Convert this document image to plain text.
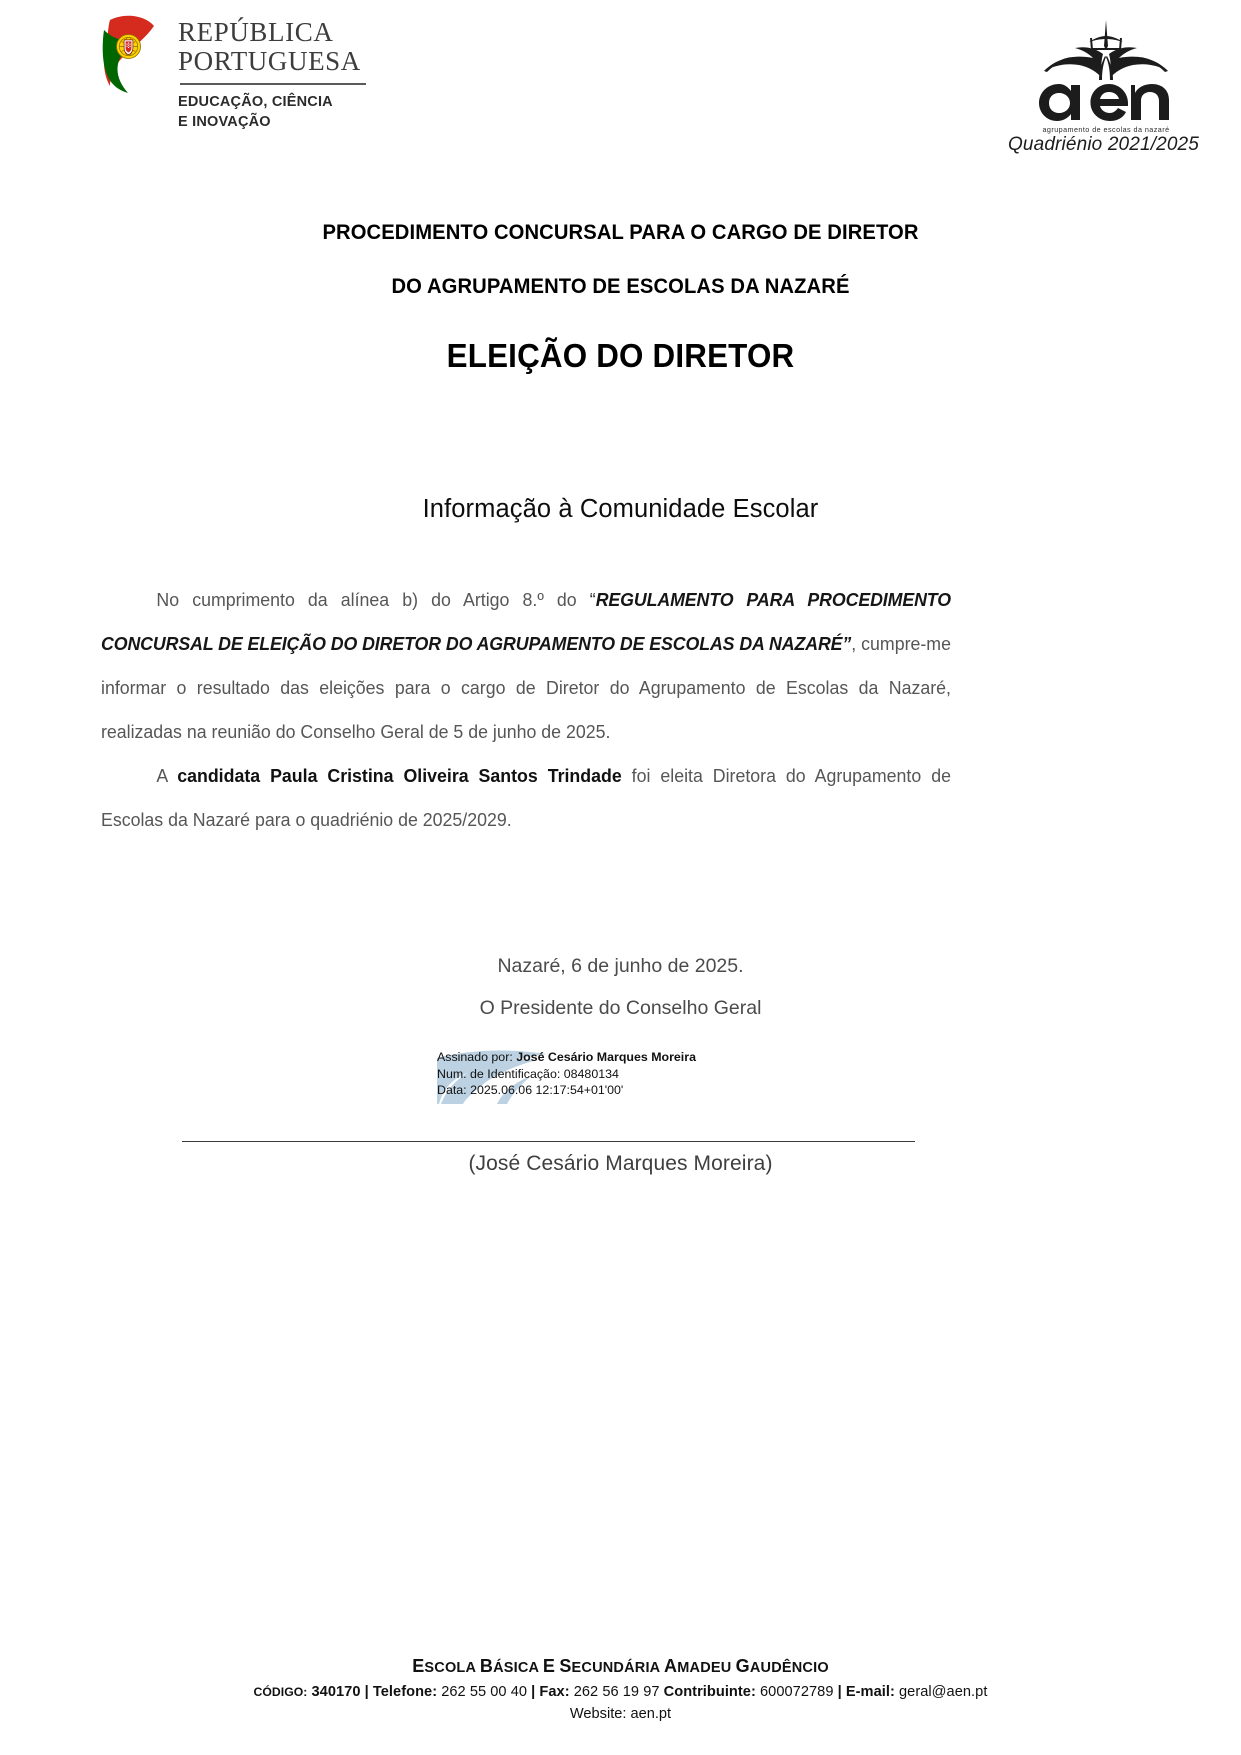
REPÚBLICA
PORTUGUESA
EDUCAÇÃO, CIÊNCIA
E INOVAÇÃO	agrupamento de escolas da nazaré
Quadriénio 2021/2025
PROCEDIMENTO CONCURSAL PARA O CARGO DE DIRETOR
DO AGRUPAMENTO DE ESCOLAS DA NAZARÉ
ELEIÇÃO DO DIRETOR
Informação à Comunidade Escolar

No cumprimento da alínea b) do Artigo 8.º do “REGULAMENTO PARA PROCEDIMENTO CONCURSAL DE ELEIÇÃO DO DIRETOR DO AGRUPAMENTO DE ESCOLAS DA NAZARÉ”, cumpre-me informar o resultado das eleições para o cargo de Diretor do Agrupamento de Escolas da Nazaré, realizadas na reunião do Conselho Geral de 5 de junho de 2025.

A candidata Paula Cristina Oliveira Santos Trindade foi eleita Diretora do Agrupamento de Escolas da Nazaré para o quadriénio de 2025/2029.

Nazaré, 6 de junho de 2025.
O Presidente do Conselho Geral
Assinado por: José Cesário Marques Moreira
Num. de Identificação: 08480134
Data: 2025.06.06 12:17:54+01'00'
(José Cesário Marques Moreira)
ESCOLA BÁSICA E SECUNDÁRIA AMADEU GAUDÊNCIO
CÓDIGO: 340170 | Telefone: 262 55 00 40 | Fax: 262 56 19 97 Contribuinte: 600072789 | E-mail: geral@aen.pt
Website: aen.pt
